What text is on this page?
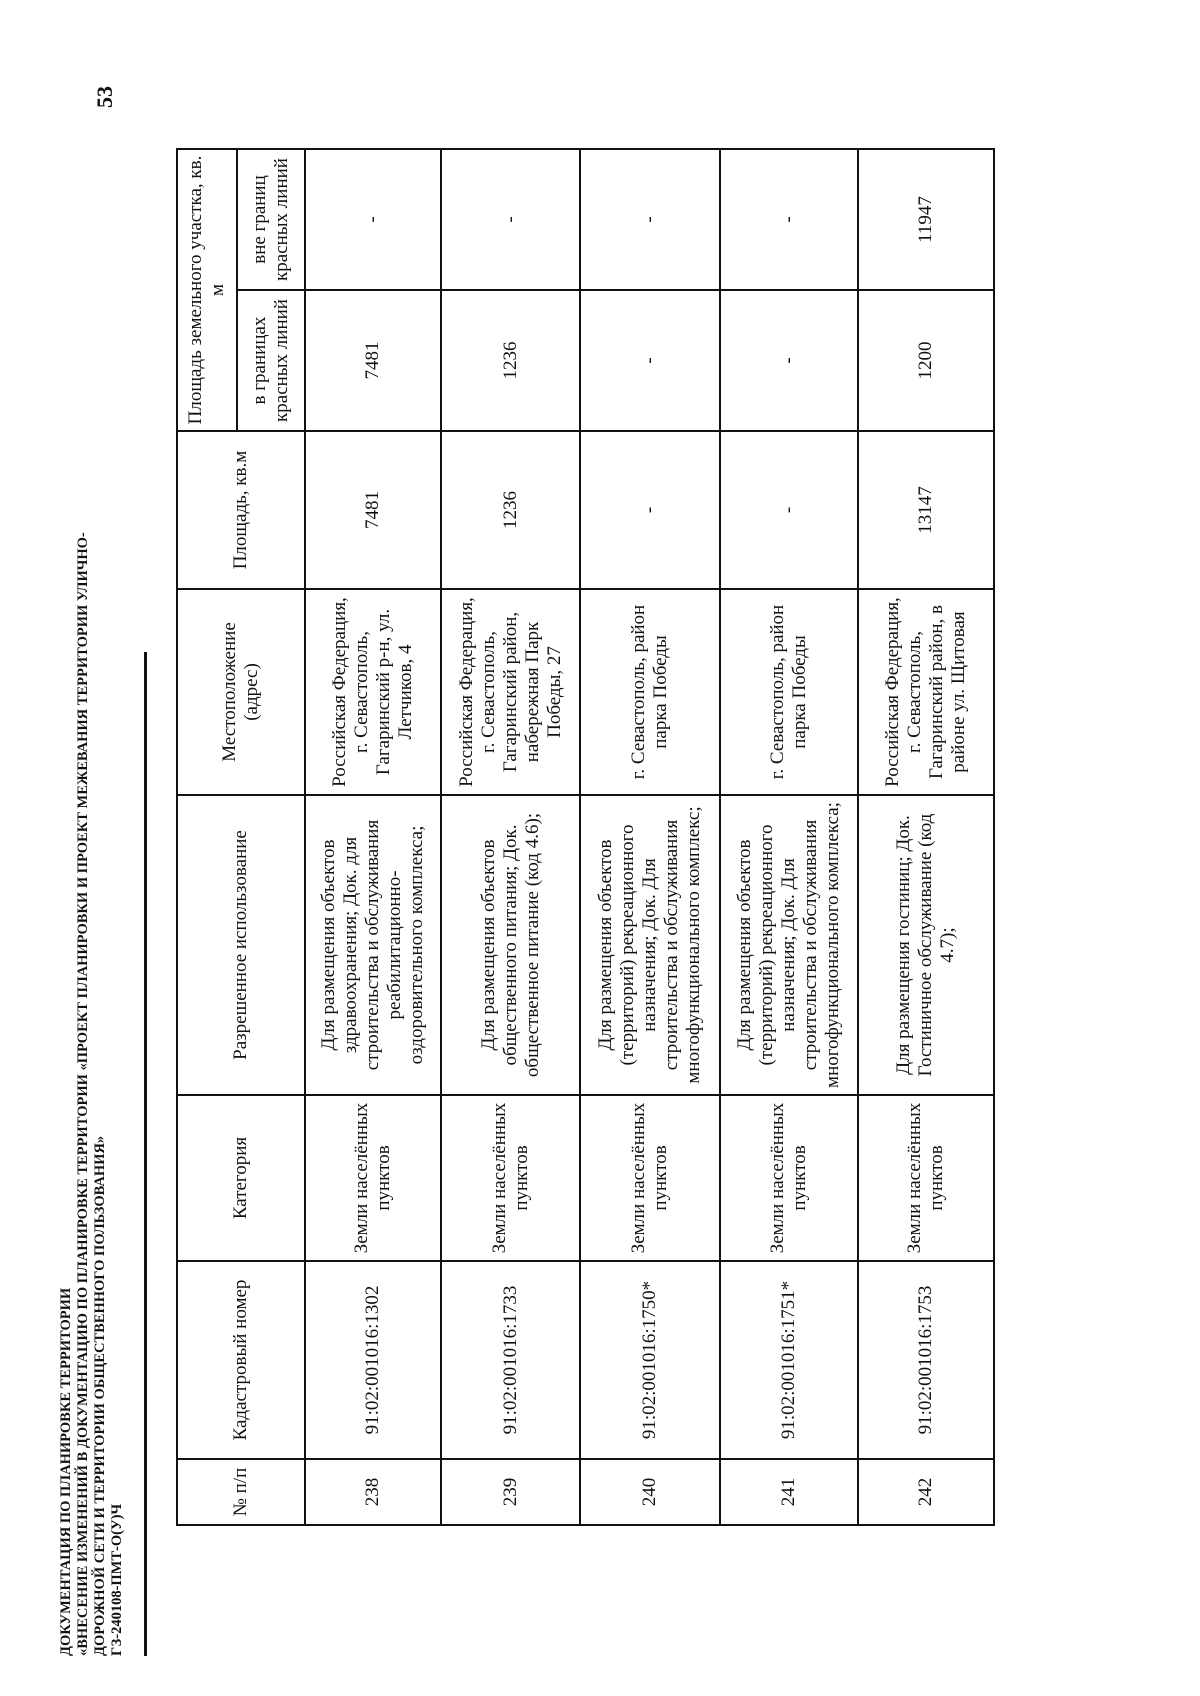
53
ДОКУМЕНТАЦИЯ ПО ПЛАНИРОВКЕ ТЕРРИТОРИИ «ВНЕСЕНИЕ ИЗМЕНЕНИЙ В ДОКУМЕНТАЦИЮ ПО ПЛАНИРОВКЕ ТЕРРИТОРИИ «ПРОЕКТ ПЛАНИРОВКИ И ПРОЕКТ МЕЖЕВАНИЯ ТЕРРИТОРИИ УЛИЧНО- ДОРОЖНОЙ СЕТИ И ТЕРРИТОРИИ ОБЩЕСТВЕННОГО ПОЛЬЗОВАНИЯ» ГЗ-240108-ПМТ-О(У)Ч
№ п/п	Кадастровый номер	Категория	Разрешенное использование	Местоположение (адрес)	Площадь, кв.м	Площадь земельного участка, кв. м	
						в границах красных линий	вне границ красных линий
238	91:02:001016:1302	Земли населённых пунктов	Для размещения объектов здравоохранения; Док. для строительства и обслуживания реабилитационно-оздоровительного комплекса;	Российская Федерация, г. Севастополь, Гагаринский р-н, ул. Летчиков, 4	7481	7481	-
239	91:02:001016:1733	Земли населённых пунктов	Для размещения объектов общественного питания; Док. общественное питание (код 4.6);	Российская Федерация, г. Севастополь, Гагаринский район, набережная Парк Победы, 27	1236	1236	-
240	91:02:001016:1750*	Земли населённых пунктов	Для размещения объектов (территорий) рекреационного назначения; Док. Для строительства и обслуживания многофункционального комплекс;	г. Севастополь, район парка Победы	-	-	-
241	91:02:001016:1751*	Земли населённых пунктов	Для размещения объектов (территорий) рекреационного назначения; Док. Для строительства и обслуживания многофункционального комплекса;	г. Севастополь, район парка Победы	-	-	-
242	91:02:001016:1753	Земли населённых пунктов	Для размещения гостиниц; Док. Гостиничное обслуживание (код 4.7);	Российская Федерация, г. Севастополь, Гагаринский район, в районе ул. Щитовая	13147	1200	11947
